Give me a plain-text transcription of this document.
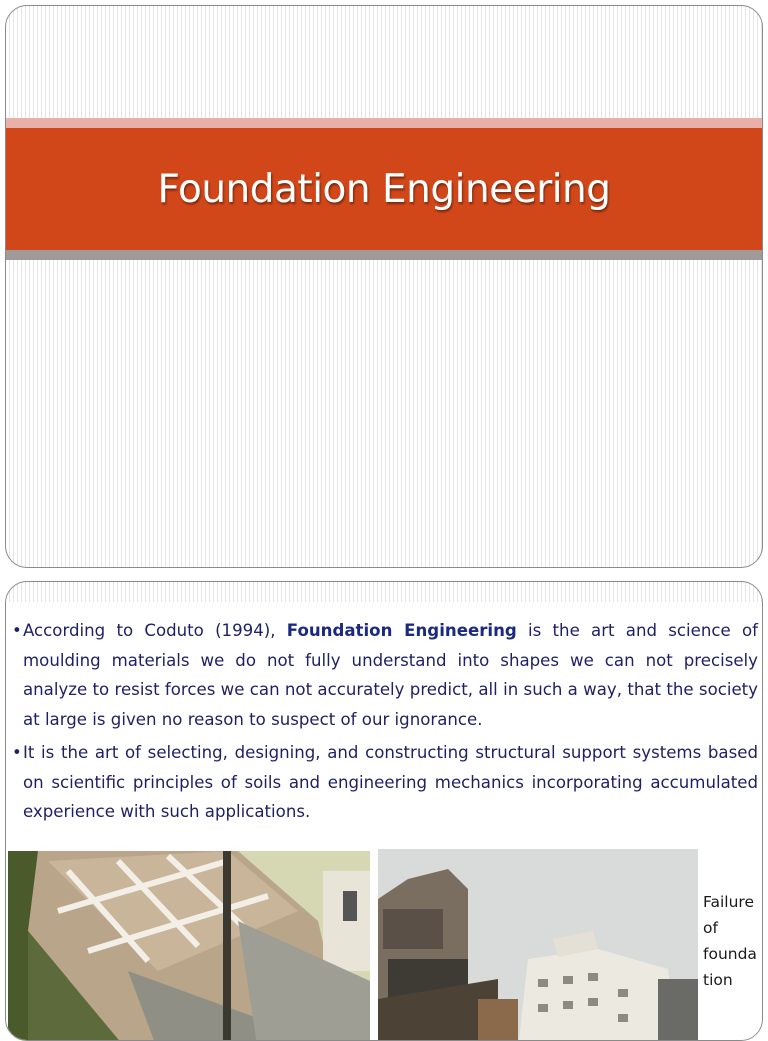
Foundation Engineering
• According to Coduto (1994), Foundation Engineering is the art and science of moulding materials we do not fully understand into shapes we can not precisely analyze to resist forces we can not accurately predict, all in such a way, that the society at large is given no reason to suspect of our ignorance.
• It is the art of selecting, designing, and constructing structural support systems based on scientific principles of soils and engineering mechanics incorporating accumulated experience with such applications.
Failure
of
founda
tion
